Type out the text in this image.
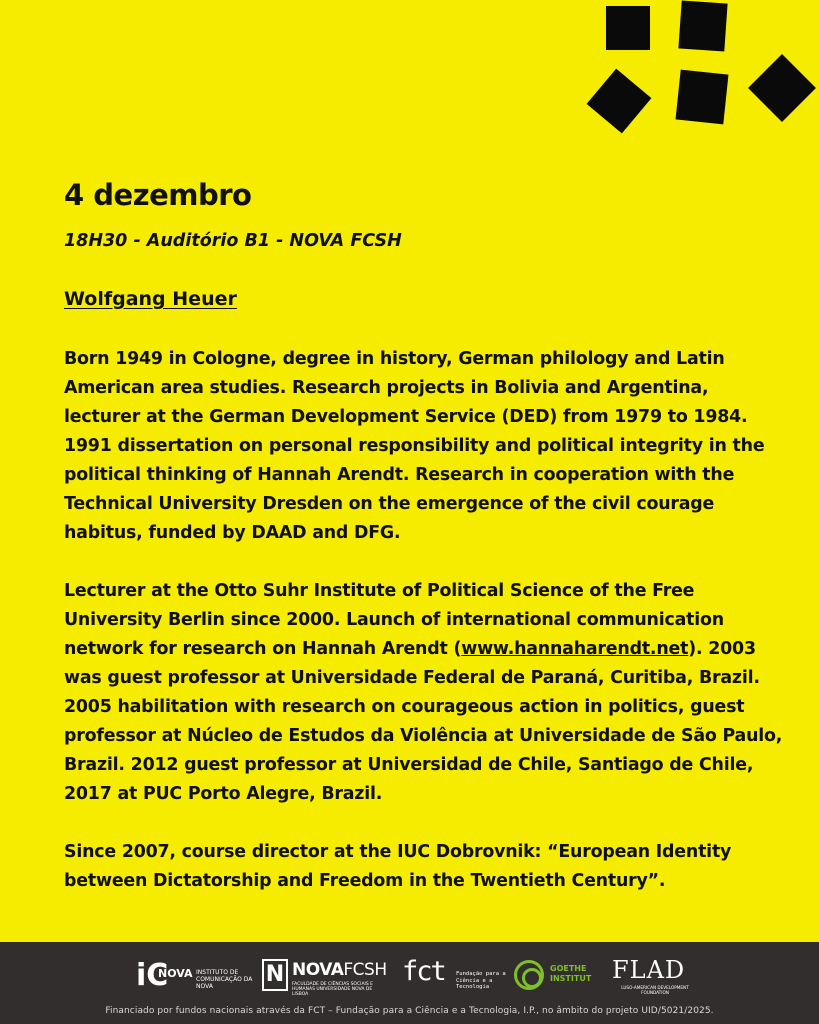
4 dezembro
18H30 - Auditório B1 - NOVA FCSH
Wolfgang Heuer

Born 1949 in Cologne, degree in history, German philology and Latin American area studies. Research projects in Bolivia and Argentina, lecturer at the German Development Service (DED) from 1979 to 1984. 1991 dissertation on personal responsibility and political integrity in the political thinking of Hannah Arendt. Research in cooperation with the Technical University Dresden on the emergence of the civil courage habitus, funded by DAAD and DFG.

Lecturer at the Otto Suhr Institute of Political Science of the Free University Berlin since 2000. Launch of international communication network for research on Hannah Arendt (www.hannaharendt.net). 2003 was guest professor at Universidade Federal de Paraná, Curitiba, Brazil. 2005 habilitation with research on courageous action in politics, guest professor at Núcleo de Estudos da Violência at Universidade de São Paulo, Brazil. 2012 guest professor at Universidad de Chile, Santiago de Chile, 2017 at PUC Porto Alegre, Brazil.

Since 2007, course director at the IUC Dobrovnik: “European Identity between Dictatorship and Freedom in the Twentieth Century”.

iC
NOVA INSTITUTO DE COMUNICAÇÃO DA NOVA	N NOVAFCSH
FACULDADE DE CIÊNCIAS SOCIAIS E HUMANAS UNIVERSIDADE NOVA DE LISBOA
fct Fundação para a Ciência e a Tecnologia
GOETHE INSTITUT FLAD
LUSO-AMERICAN DEVELOPMENT FOUNDATION
Financiado por fundos nacionais através da FCT – Fundação para a Ciência e a Tecnologia, I.P., no âmbito do projeto UID/5021/2025.
